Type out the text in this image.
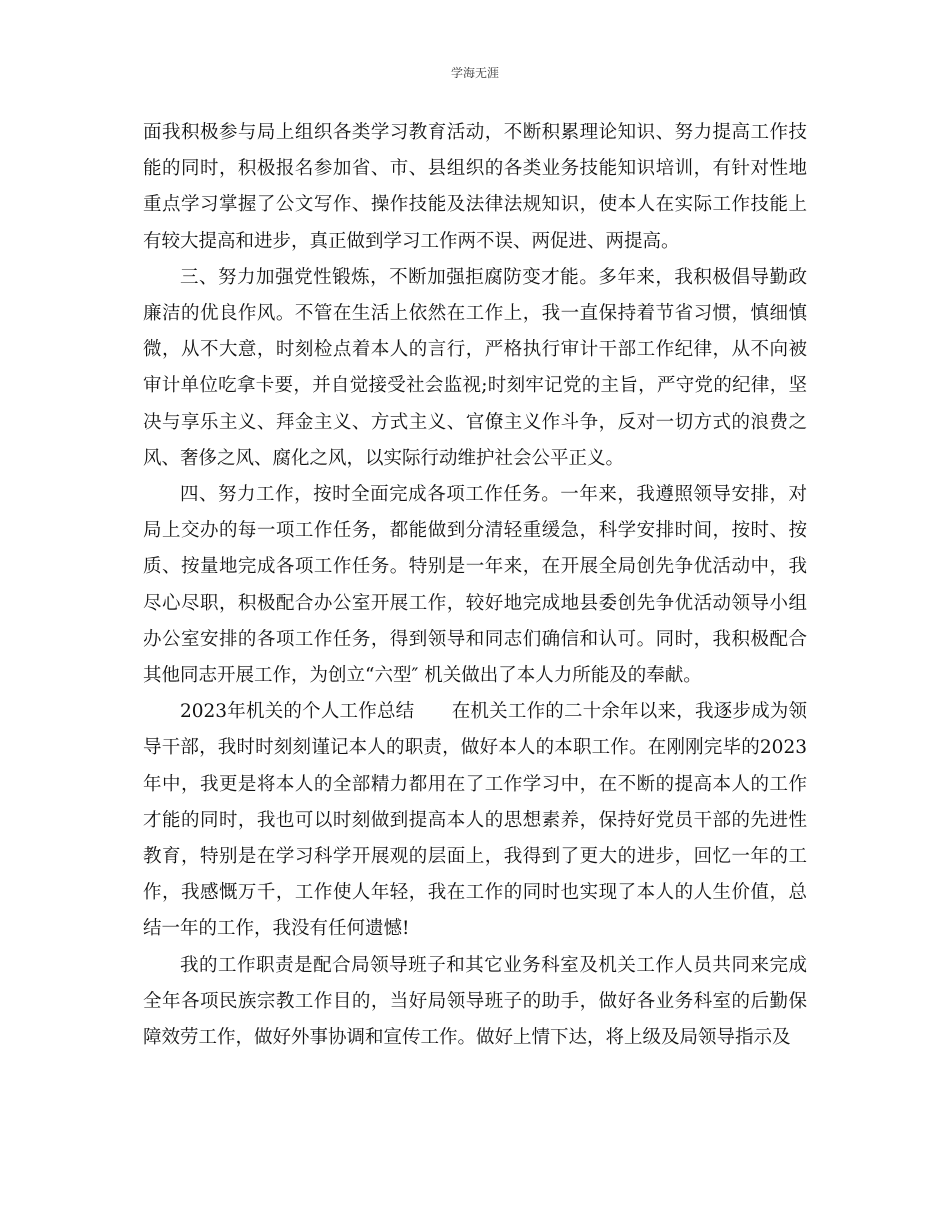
学海无涯

面我积极参与局上组织各类学习教育活动，不断积累理论知识、努力提高工作技能的同时，积极报名参加省、市、县组织的各类业务技能知识培训，有针对性地重点学习掌握了公文写作、操作技能及法律法规知识，使本人在实际工作技能上有较大提高和进步，真正做到学习工作两不误、两促进、两提高。

三、努力加强党性锻炼，不断加强拒腐防变才能。多年来，我积极倡导勤政廉洁的优良作风。不管在生活上依然在工作上，我一直保持着节省习惯，慎细慎微，从不大意，时刻检点着本人的言行，严格执行审计干部工作纪律，从不向被审计单位吃拿卡要，并自觉接受社会监视;时刻牢记党的主旨，严守党的纪律，坚决与享乐主义、拜金主义、方式主义、官僚主义作斗争，反对一切方式的浪费之风、奢侈之风、腐化之风，以实际行动维护社会公平正义。

四、努力工作，按时全面完成各项工作任务。一年来，我遵照领导安排，对局上交办的每一项工作任务，都能做到分清轻重缓急，科学安排时间，按时、按质、按量地完成各项工作任务。特别是一年来，在开展全局创先争优活动中，我尽心尽职，积极配合办公室开展工作，较好地完成地县委创先争优活动领导小组办公室安排的各项工作任务，得到领导和同志们确信和认可。同时，我积极配合其他同志开展工作，为创立“六型″ 机关做出了本人力所能及的奉献。

2023年机关的个人工作总结　　在机关工作的二十余年以来，我逐步成为领导干部，我时时刻刻谨记本人的职责，做好本人的本职工作。在刚刚完毕的2023年中，我更是将本人的全部精力都用在了工作学习中，在不断的提高本人的工作才能的同时，我也可以时刻做到提高本人的思想素养，保持好党员干部的先进性教育，特别是在学习科学开展观的层面上，我得到了更大的进步，回忆一年的工作，我感慨万千，工作使人年轻，我在工作的同时也实现了本人的人生价值，总结一年的工作，我没有任何遗憾!

我的工作职责是配合局领导班子和其它业务科室及机关工作人员共同来完成全年各项民族宗教工作目的，当好局领导班子的助手，做好各业务科室的后勤保障效劳工作，做好外事协调和宣传工作。做好上情下达，将上级及局领导指示及
